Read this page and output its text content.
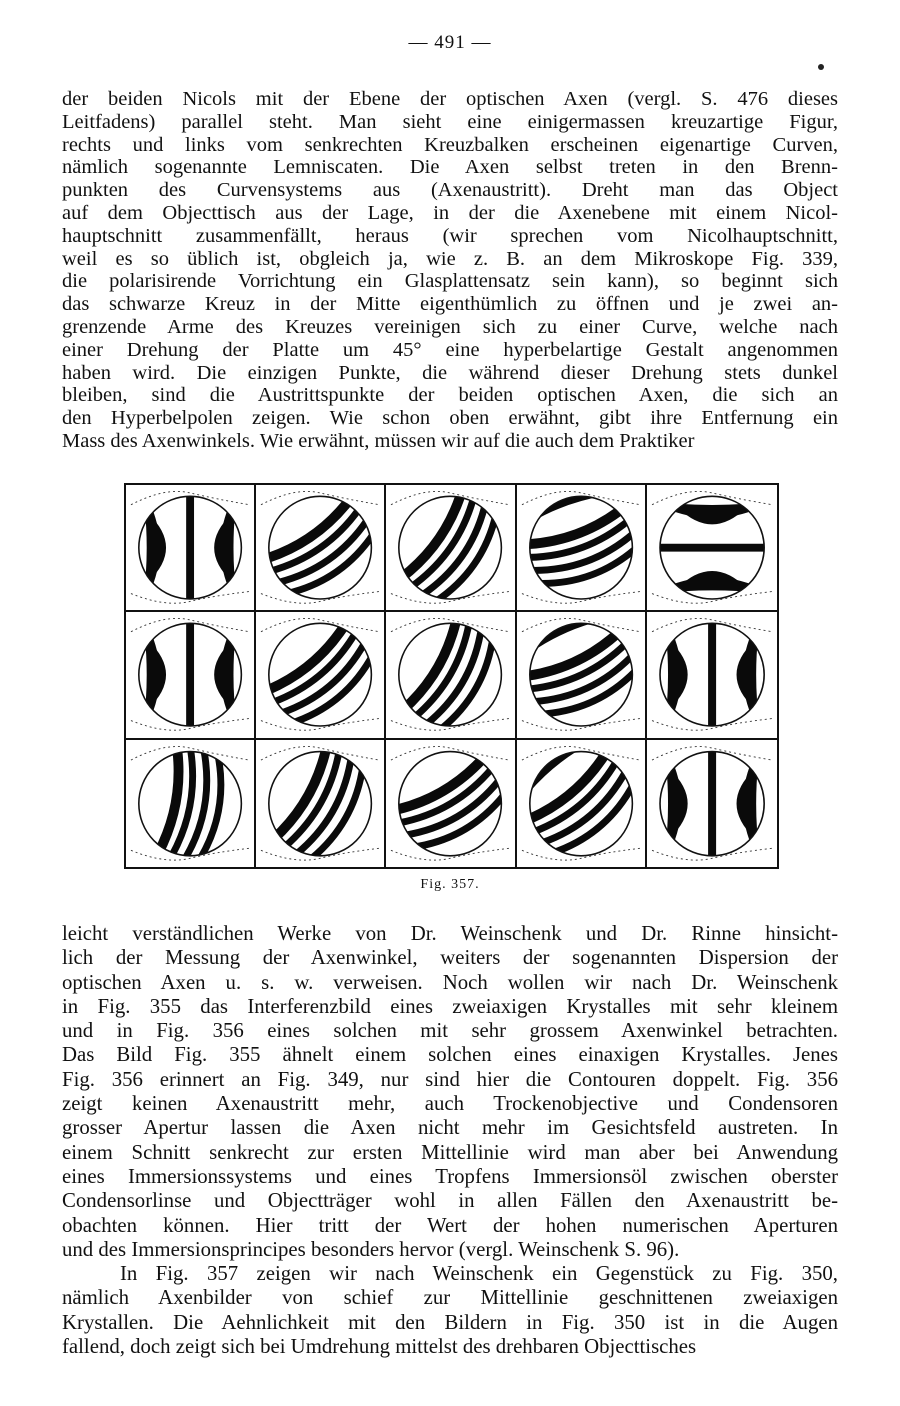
— 491 —

der beiden Nicols mit der Ebene der optischen Axen (vergl. S. 476 dieses
Leitfadens) parallel steht. Man sieht eine einigermassen kreuzartige Figur,
rechts und links vom senkrechten Kreuzbalken erscheinen eigenartige Curven,
nämlich sogenannte Lemniscaten. Die Axen selbst treten in den Brenn-
punkten des Curvensystems aus (Axenaustritt). Dreht man das Object
auf dem Objecttisch aus der Lage, in der die Axenebene mit einem Nicol-
hauptschnitt zusammenfällt, heraus (wir sprechen vom Nicolhauptschnitt,
weil es so üblich ist, obgleich ja, wie z. B. an dem Mikroskope Fig. 339,
die polarisirende Vorrichtung ein Glasplattensatz sein kann), so beginnt sich
das schwarze Kreuz in der Mitte eigenthümlich zu öffnen und je zwei an-
grenzende Arme des Kreuzes vereinigen sich zu einer Curve, welche nach
einer Drehung der Platte um 45° eine hyperbelartige Gestalt angenommen
haben wird. Die einzigen Punkte, die während dieser Drehung stets dunkel
bleiben, sind die Austrittspunkte der beiden optischen Axen, die sich an
den Hyperbelpolen zeigen. Wie schon oben erwähnt, gibt ihre Entfernung ein
Mass des Axenwinkels. Wie erwähnt, müssen wir auf die auch dem Praktiker

Fig. 357.

leicht verständlichen Werke von Dr. Weinschenk und Dr. Rinne hinsicht-
lich der Messung der Axenwinkel, weiters der sogenannten Dispersion der
optischen Axen u. s. w. verweisen. Noch wollen wir nach Dr. Weinschenk
in Fig. 355 das Interferenzbild eines zweiaxigen Krystalles mit sehr kleinem
und in Fig. 356 eines solchen mit sehr grossem Axenwinkel betrachten.
Das Bild Fig. 355 ähnelt einem solchen eines einaxigen Krystalles. Jenes
Fig. 356 erinnert an Fig. 349, nur sind hier die Contouren doppelt. Fig. 356
zeigt keinen Axenaustritt mehr, auch Trockenobjective und Condensoren
grosser Apertur lassen die Axen nicht mehr im Gesichtsfeld austreten. In
einem Schnitt senkrecht zur ersten Mittellinie wird man aber bei Anwendung
eines Immersionssystems und eines Tropfens Immersionsöl zwischen oberster
Condensorlinse und Objectträger wohl in allen Fällen den Axenaustritt be-
obachten können. Hier tritt der Wert der hohen numerischen Aperturen
und des Immersionsprincipes besonders hervor (vergl. Weinschenk S. 96).
In Fig. 357 zeigen wir nach Weinschenk ein Gegenstück zu Fig. 350,
nämlich Axenbilder von schief zur Mittellinie geschnittenen zweiaxigen
Krystallen. Die Aehnlichkeit mit den Bildern in Fig. 350 ist in die Augen
fallend, doch zeigt sich bei Umdrehung mittelst des drehbaren Objecttisches
